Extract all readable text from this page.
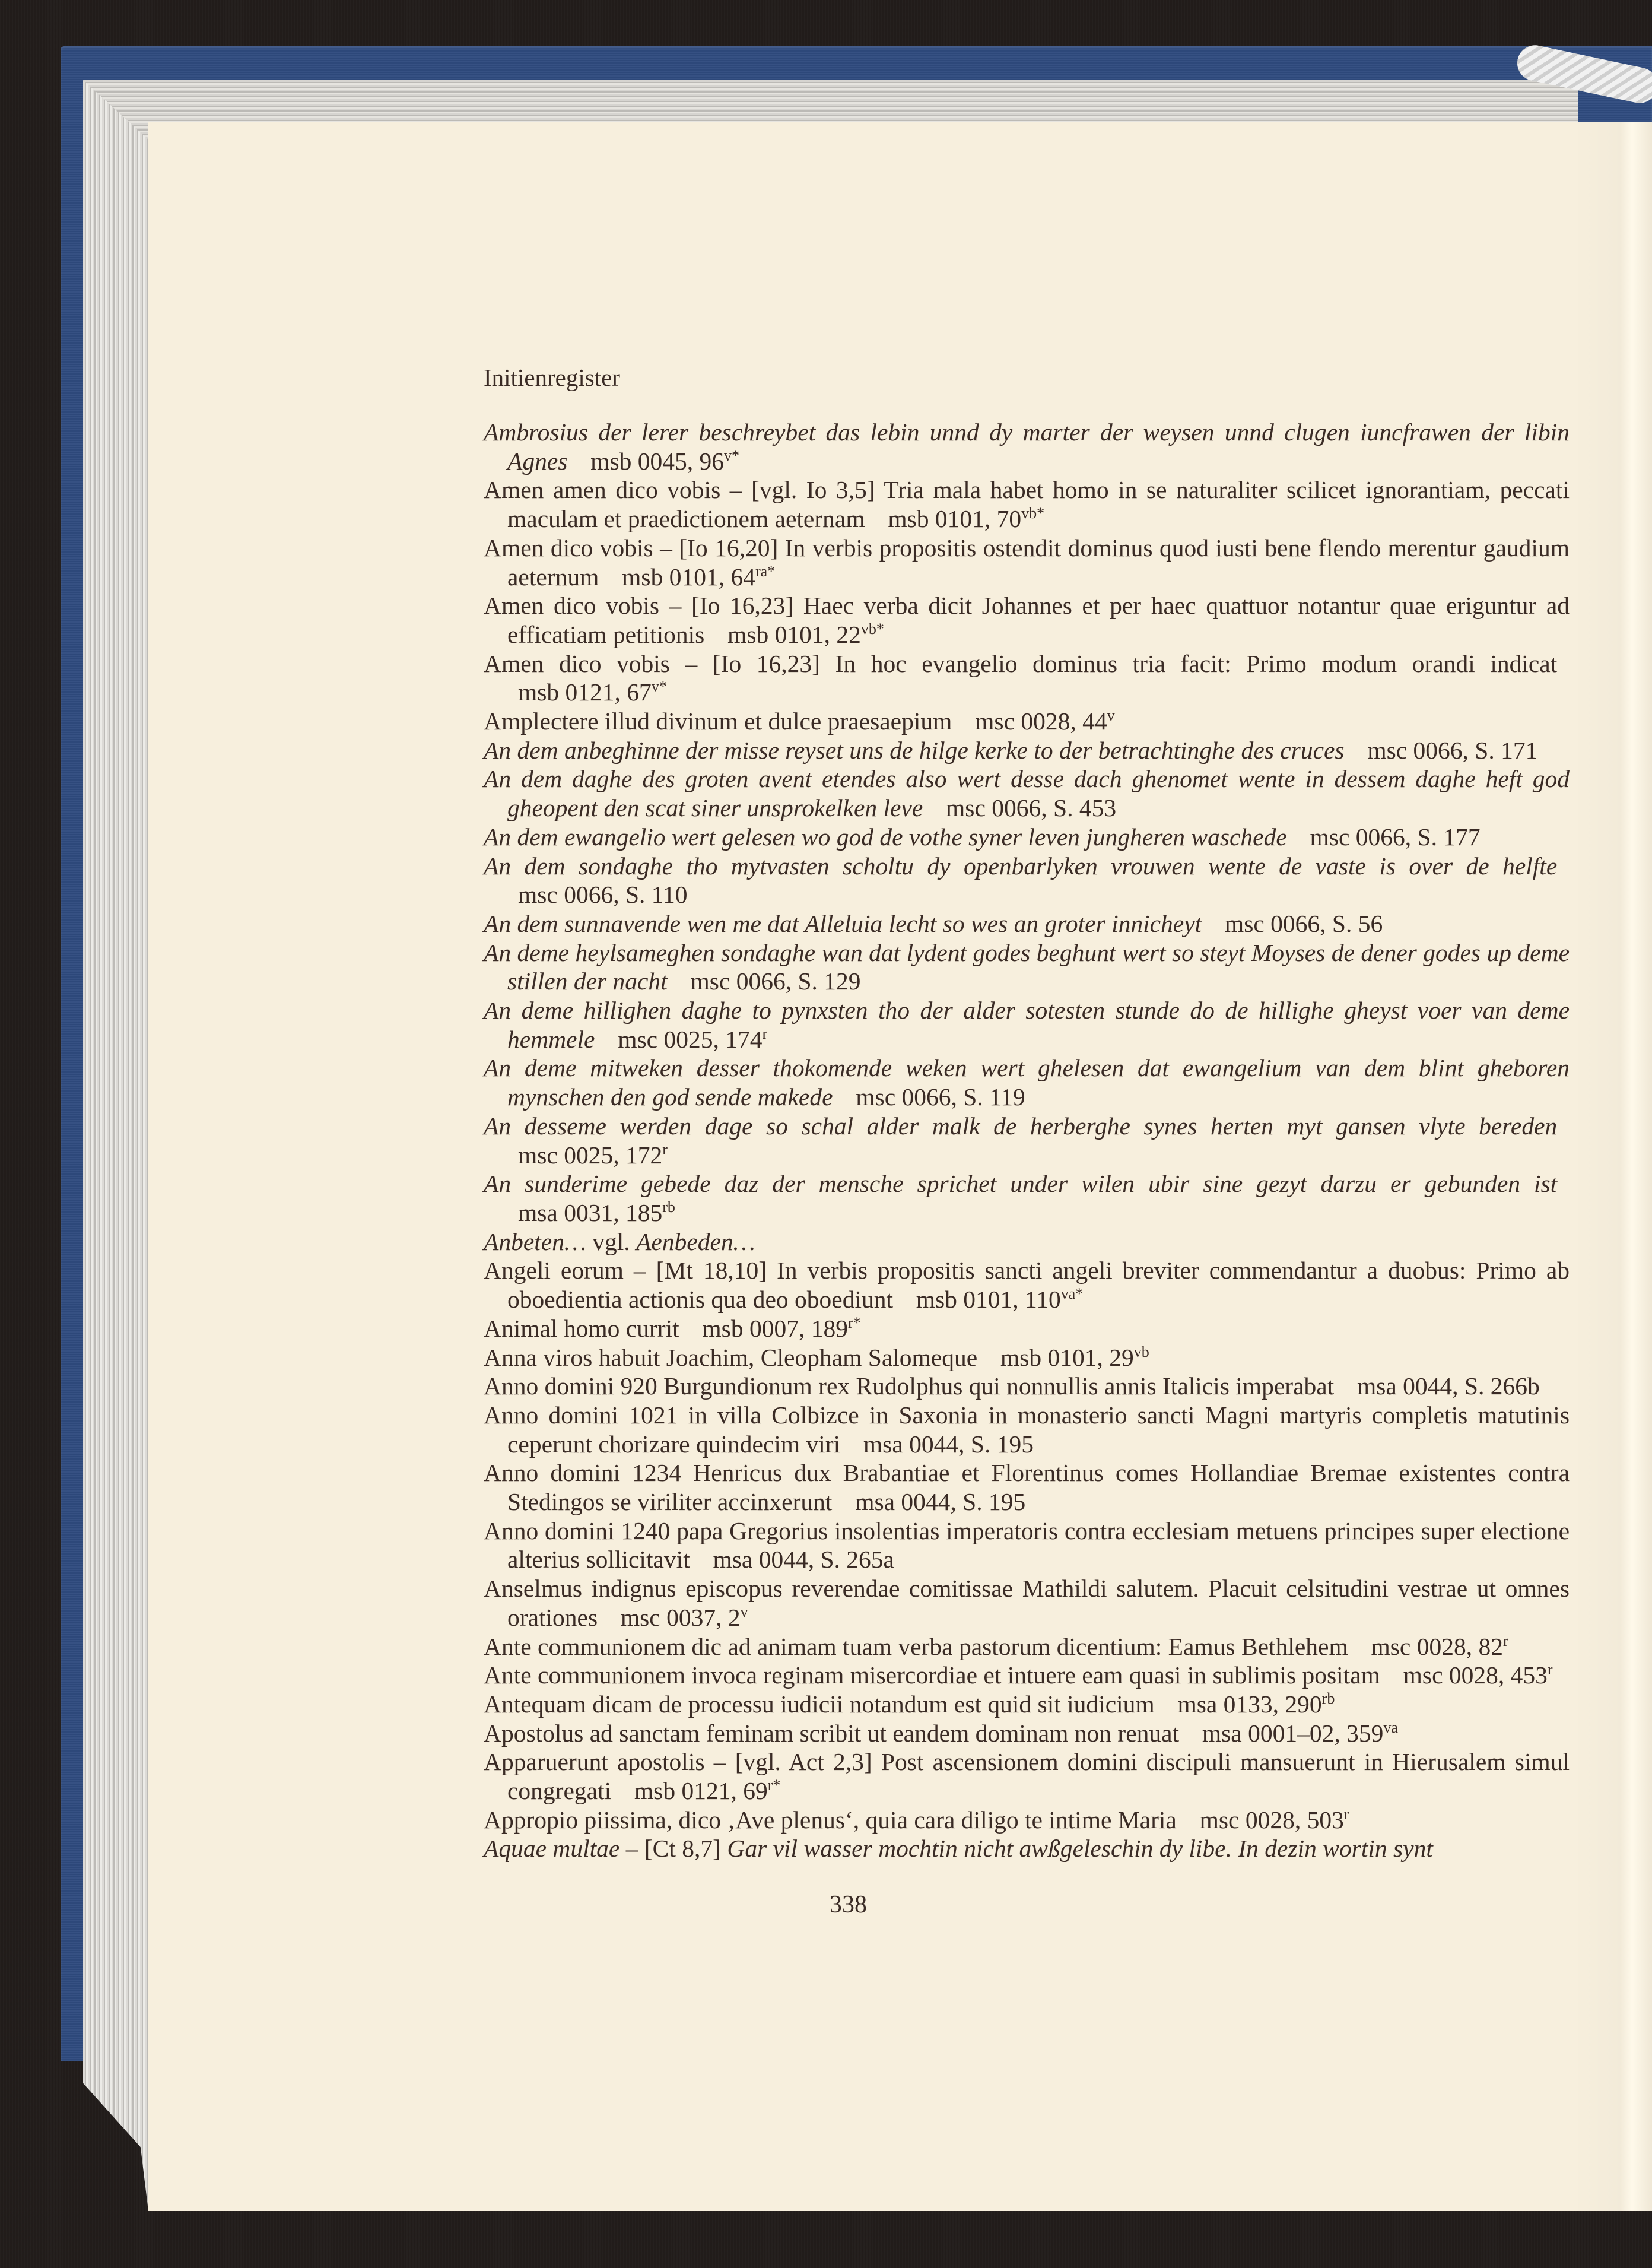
Initienregister
Ambrosius der lerer beschreybet das lebin unnd dy marter der weysen unnd clugen iuncfrawen der libin Agnes  msb 0045, $96^{v*}$
Amen amen dico vobis – [vgl. Io 3,5] Tria mala habet homo in se naturaliter scilicet ignorantiam, peccati maculam et praedictionem aeternam  msb 0101, $70^{vb*}$
Amen dico vobis – [Io 16,20] In verbis propositis ostendit dominus quod iusti bene flendo merentur gaudium aeternum  msb 0101, $64^{ra*}$
Amen dico vobis – [Io 16,23] Haec verba dicit Johannes et per haec quattuor notantur quae eriguntur ad efficatiam petitionis  msb 0101, $22^{vb*}$
Amen dico vobis – [Io 16,23] In hoc evangelio dominus tria facit: Primo modum orandi indicat msb 0121, $67^{v*}$
Amplectere illud divinum et dulce praesaepium  msc 0028, 44$^v$
An dem anbeghinne der misse reyset uns de hilge kerke to der betrachtinghe des cruces  msc 0066, S. 171
An dem daghe des groten avent etendes also wert desse dach ghenomet wente in dessem daghe heft god gheopent den scat siner unsprokelken leve  msc 0066, S. 453
An dem ewangelio wert gelesen wo god de vothe syner leven jungheren waschede  msc 0066, S. 177
An dem sondaghe tho mytvasten scholtu dy openbarlyken vrouwen wente de vaste is over de helfte msc 0066, S. 110
An dem sunnavende wen me dat Alleluia lecht so wes an groter innicheyt  msc 0066, S. 56
An deme heylsameghen sondaghe wan dat lydent godes beghunt wert so steyt Moyses de dener godes up deme stillen der nacht  msc 0066, S. 129
An deme hillighen daghe to pynxsten tho der alder sotesten stunde do de hillighe gheyst voer van deme hemmele  msc 0025, 174$^r$
An deme mitweken desser thokomende weken wert ghelesen dat ewangelium van dem blint gheboren mynschen den god sende makede  msc 0066, S. 119
An desseme werden dage so schal alder malk de herberghe synes herten myt gansen vlyte bereden msc 0025, 172$^r$
An sunderime gebede daz der mensche sprichet under wilen ubir sine gezyt darzu er gebunden ist msa 0031, $185^{rb}$
Anbeten… vgl. Aenbeden…
Angeli eorum – [Mt 18,10] In verbis propositis sancti angeli breviter commendantur a duobus: Primo ab oboedientia actionis qua deo oboediunt  msb 0101, $110^{va*}$
Animal homo currit  msb 0007, $189^{r*}$
Anna viros habuit Joachim, Cleopham Salomeque  msb 0101, $29^{vb}$
Anno domini 920 Burgundionum rex Rudolphus qui nonnullis annis Italicis imperabat  msa 0044, S. 266b
Anno domini 1021 in villa Colbizce in Saxonia in monasterio sancti Magni martyris completis matutinis ceperunt chorizare quindecim viri  msa 0044, S. 195
Anno domini 1234 Henricus dux Brabantiae et Florentinus comes Hollandiae Bremae existentes contra Stedingos se viriliter accinxerunt  msa 0044, S. 195
Anno domini 1240 papa Gregorius insolentias imperatoris contra ecclesiam metuens principes super electione alterius sollicitavit  msa 0044, S. 265a
Anselmus indignus episcopus reverendae comitissae Mathildi salutem. Placuit celsitudini vestrae ut omnes orationes  msc 0037, 2$^v$
Ante communionem dic ad animam tuam verba pastorum dicentium: Eamus Bethlehem  msc 0028, 82$^r$
Ante communionem invoca reginam misercordiae et intuere eam quasi in sublimis positam  msc 0028, 453$^r$
Antequam dicam de processu iudicii notandum est quid sit iudicium  msa 0133, $290^{rb}$
Apostolus ad sanctam feminam scribit ut eandem dominam non renuat  msa 0001–02, $359^{va}$
Apparuerunt apostolis – [vgl. Act 2,3] Post ascensionem domini discipuli mansuerunt in Hierusalem simul congregati  msb 0121, $69^{r*}$
Appropio piissima, dico ‚Ave plenus‘, quia cara diligo te intime Maria  msc 0028, 503$^r$
Aquae multae – [Ct 8,7] Gar vil wasser mochtin nicht awßgeleschin dy libe. In dezin wortin synt
338
